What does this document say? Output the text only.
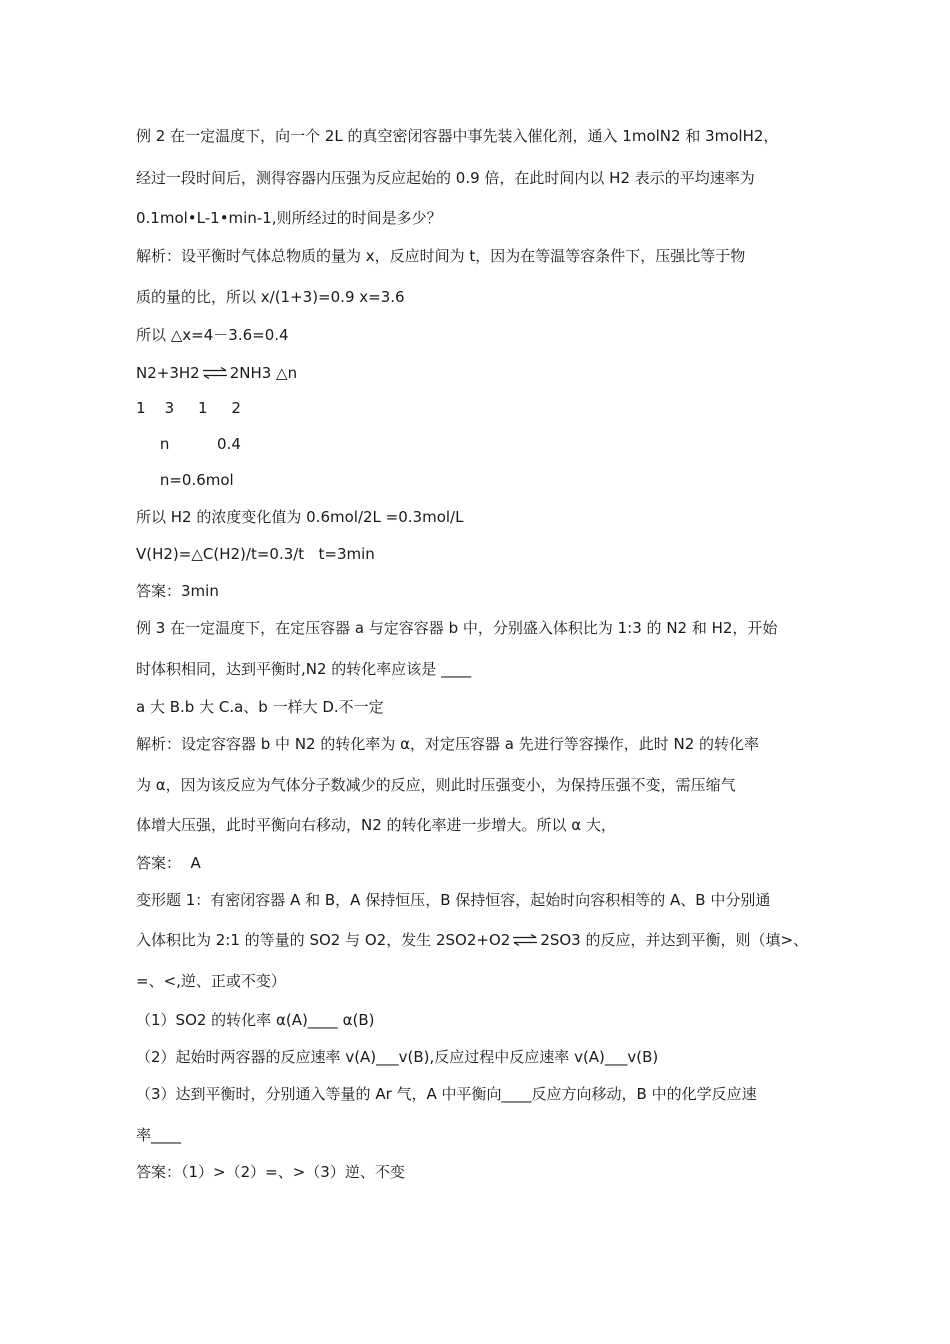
例 2 在一定温度下，向一个 2L 的真空密闭容器中事先装入催化剂，通入 1molN2 和 3molH2，
经过一段时间后，测得容器内压强为反应起始的 0.9 倍，在此时间内以 H2 表示的平均速率为
0.1mol•L-1•min-1,则所经过的时间是多少？
解析：设平衡时气体总物质的量为 x，反应时间为 t，因为在等温等容条件下，压强比等于物
质的量的比，所以 x/(1+3)=0.9 x=3.6
所以 △x=4－3.6=0.4
N2+3H2 ⇌ 2NH3 △n
1    3     1     2
n          0.4
n=0.6mol
所以 H2 的浓度变化值为 0.6mol/2L =0.3mol/L
V(H2)=△C(H2)/t=0.3/t   t=3min
答案：3min
例 3 在一定温度下，在定压容器 a 与定容容器 b 中，分别盛入体积比为 1:3 的 N2 和 H2，开始
时体积相同，达到平衡时,N2 的转化率应该是 ____
a 大 B.b 大 C.a、b 一样大 D.不一定
解析：设定容容器 b 中 N2 的转化率为 α，对定压容器 a 先进行等容操作，此时 N2 的转化率
为 α，因为该反应为气体分子数减少的反应，则此时压强变小，为保持压强不变，需压缩气
体增大压强，此时平衡向右移动，N2 的转化率进一步增大。所以 α 大，
答案：  A
变形题 1：有密闭容器 A 和 B，A 保持恒压，B 保持恒容，起始时向容积相等的 A、B 中分别通
入体积比为 2:1 的等量的 SO2 与 O2，发生 2SO2+O2 ⇌ 2SO3 的反应，并达到平衡，则（填>、
=、<,逆、正或不变）
（1）SO2 的转化率 α(A)____ α(B)
（2）起始时两容器的反应速率 v(A)___v(B),反应过程中反应速率 v(A)___v(B)
（3）达到平衡时，分别通入等量的 Ar 气，A 中平衡向____反应方向移动，B 中的化学反应速
率____
答案：（1）>（2）=、>（3）逆、不变
